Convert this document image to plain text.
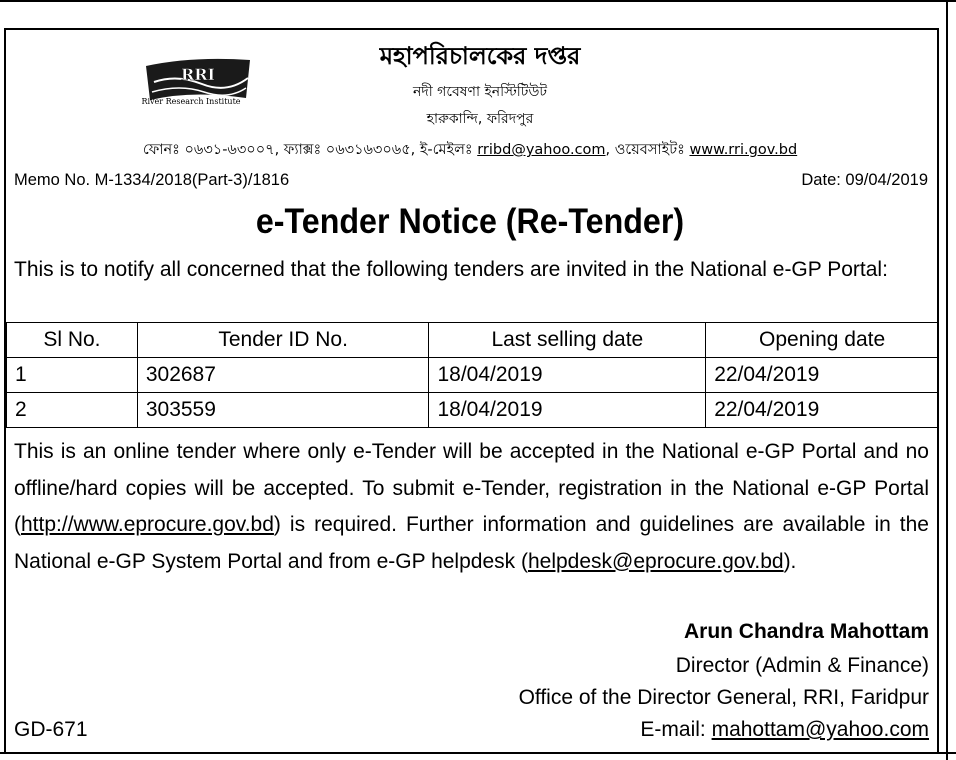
RRI
River Research Institute
মহাপরিচালকের দপ্তর
নদী গবেষণা ইনস্টিটিউট
হারুকান্দি, ফরিদপুর
ফোনঃ ০৬৩১-৬৩০০৭, ফ্যাক্সঃ ০৬৩১৬৩০৬৫, ই-মেইলঃ rribd@yahoo.com, ওয়েবসাইটঃ www.rri.gov.bd
Memo No. M-1334/2018(Part-3)/1816	Date: 09/04/2019
e-Tender Notice (Re-Tender)
This is to notify all concerned that the following tenders are invited in the National e-GP Portal:
Sl No.	Tender ID No.	Last selling date	Opening date
1	302687	18/04/2019	22/04/2019
2	303559	18/04/2019	22/04/2019
This is an online tender where only e-Tender will be accepted in the National e-GP Portal and no offline/hard copies will be accepted. To submit e-Tender, registration in the National e-GP Portal (http://www.eprocure.gov.bd) is required. Further information and guidelines are available in the National e-GP System Portal and from e-GP helpdesk (helpdesk@eprocure.gov.bd).
Arun Chandra Mahottam
Director (Admin & Finance)
Office of the Director General, RRI, Faridpur
E-mail: mahottam@yahoo.com
GD-671
